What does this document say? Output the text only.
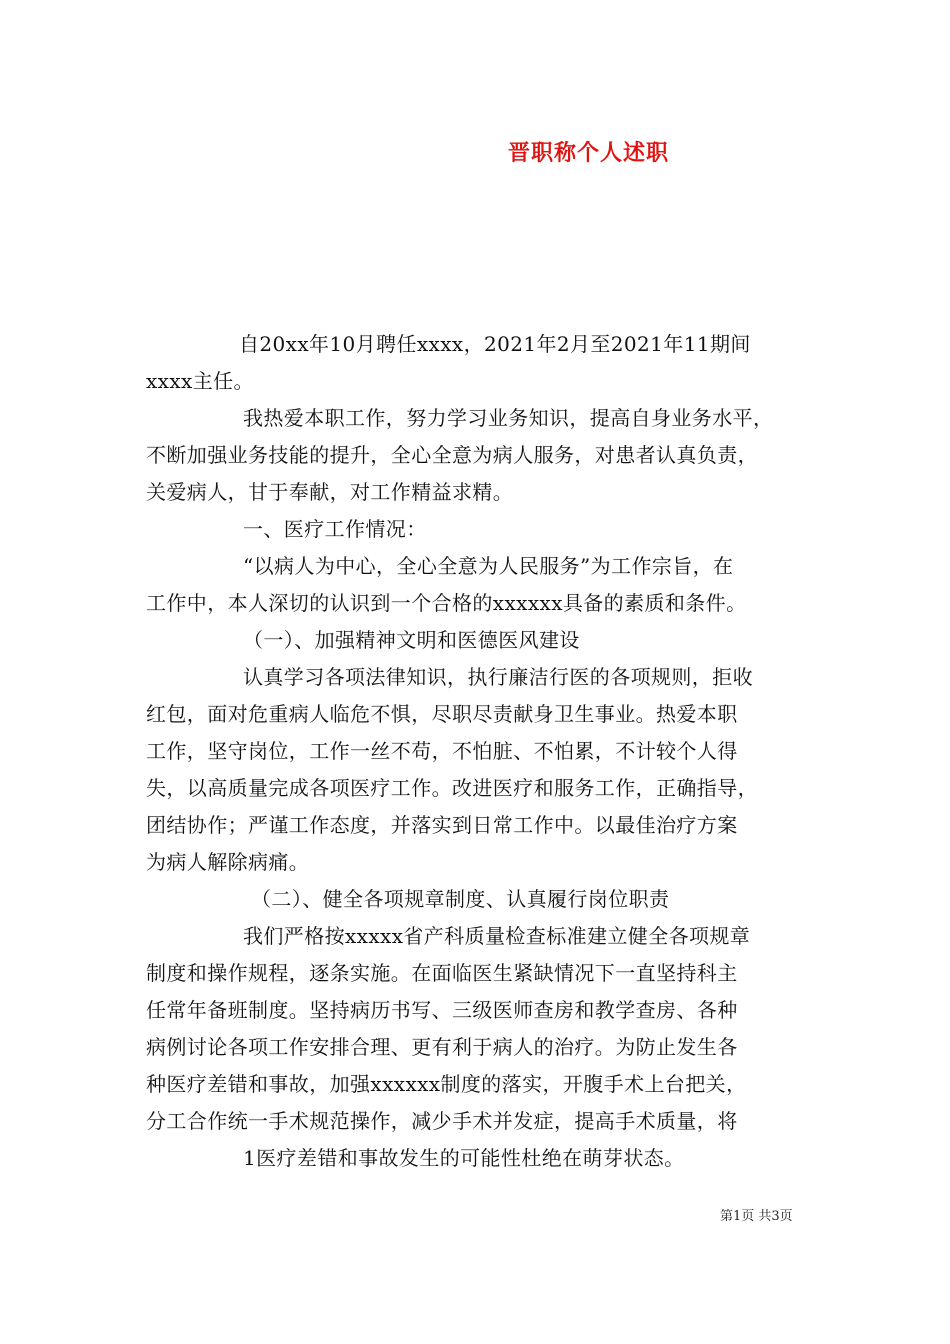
晋职称个人述职
自20xx年10月聘任xxxx，2021年2月至2021年11期间
xxxx主任。
我热爱本职工作，努力学习业务知识，提高自身业务水平，
不断加强业务技能的提升，全心全意为病人服务，对患者认真负责，
关爱病人，甘于奉献，对工作精益求精。
一、医疗工作情况：
“以病人为中心，全心全意为人民服务”为工作宗旨，在
工作中，本人深切的认识到一个合格的xxxxxx具备的素质和条件。
（一）、加强精神文明和医德医风建设
认真学习各项法律知识，执行廉洁行医的各项规则，拒收
红包，面对危重病人临危不惧，尽职尽责献身卫生事业。热爱本职
工作，坚守岗位，工作一丝不苟，不怕脏、不怕累，不计较个人得
失，以高质量完成各项医疗工作。改进医疗和服务工作，正确指导，
团结协作；严谨工作态度，并落实到日常工作中。以最佳治疗方案
为病人解除病痛。
（二）、健全各项规章制度、认真履行岗位职责
我们严格按xxxxx省产科质量检查标准建立健全各项规章
制度和操作规程，逐条实施。在面临医生紧缺情况下一直坚持科主
任常年备班制度。坚持病历书写、三级医师查房和教学查房、各种
病例讨论各项工作安排合理、更有利于病人的治疗。为防止发生各
种医疗差错和事故，加强xxxxxx制度的落实，开腹手术上台把关，
分工合作统一手术规范操作，减少手术并发症，提高手术质量，将
1医疗差错和事故发生的可能性杜绝在萌芽状态。
第1页 共3页
